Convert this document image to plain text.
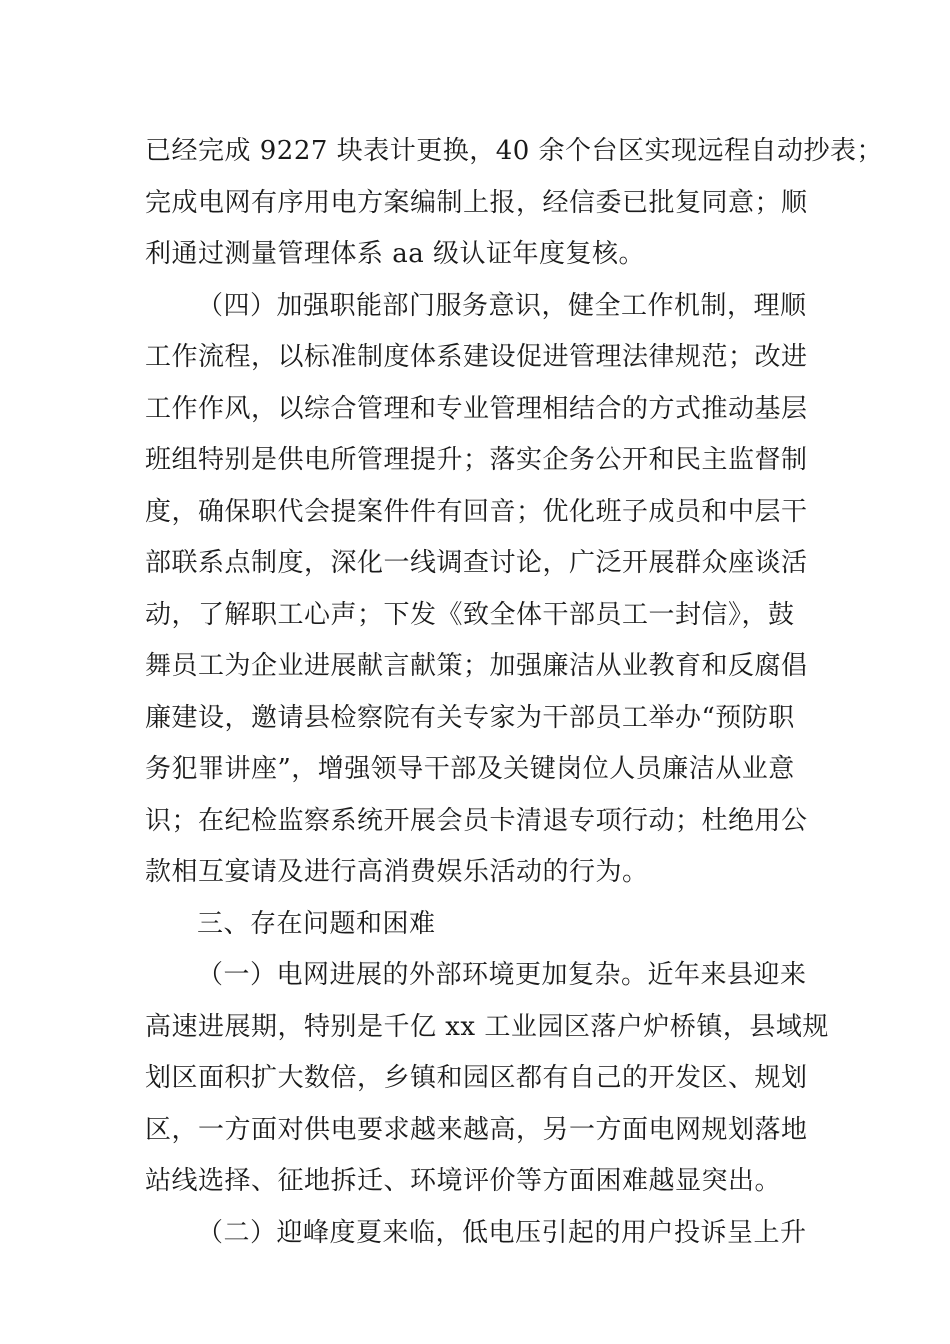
已经完成 9227 块表计更换，40 余个台区实现远程自动抄表；
完成电网有序用电方案编制上报，经信委已批复同意；顺
利通过测量管理体系 aa 级认证年度复核。
（四）加强职能部门服务意识，健全工作机制，理顺
工作流程，以标准制度体系建设促进管理法律规范；改进
工作作风，以综合管理和专业管理相结合的方式推动基层
班组特别是供电所管理提升；落实企务公开和民主监督制
度，确保职代会提案件件有回音；优化班子成员和中层干
部联系点制度，深化一线调查讨论，广泛开展群众座谈活
动，了解职工心声；下发《致全体干部员工一封信》，鼓
舞员工为企业进展献言献策；加强廉洁从业教育和反腐倡
廉建设，邀请县检察院有关专家为干部员工举办“预防职
务犯罪讲座”，增强领导干部及关键岗位人员廉洁从业意
识；在纪检监察系统开展会员卡清退专项行动；杜绝用公
款相互宴请及进行高消费娱乐活动的行为。
三、存在问题和困难
（一）电网进展的外部环境更加复杂。近年来县迎来
高速进展期，特别是千亿 xx 工业园区落户炉桥镇，县域规
划区面积扩大数倍，乡镇和园区都有自己的开发区、规划
区，一方面对供电要求越来越高，另一方面电网规划落地
站线选择、征地拆迁、环境评价等方面困难越显突出。
（二）迎峰度夏来临，低电压引起的用户投诉呈上升
